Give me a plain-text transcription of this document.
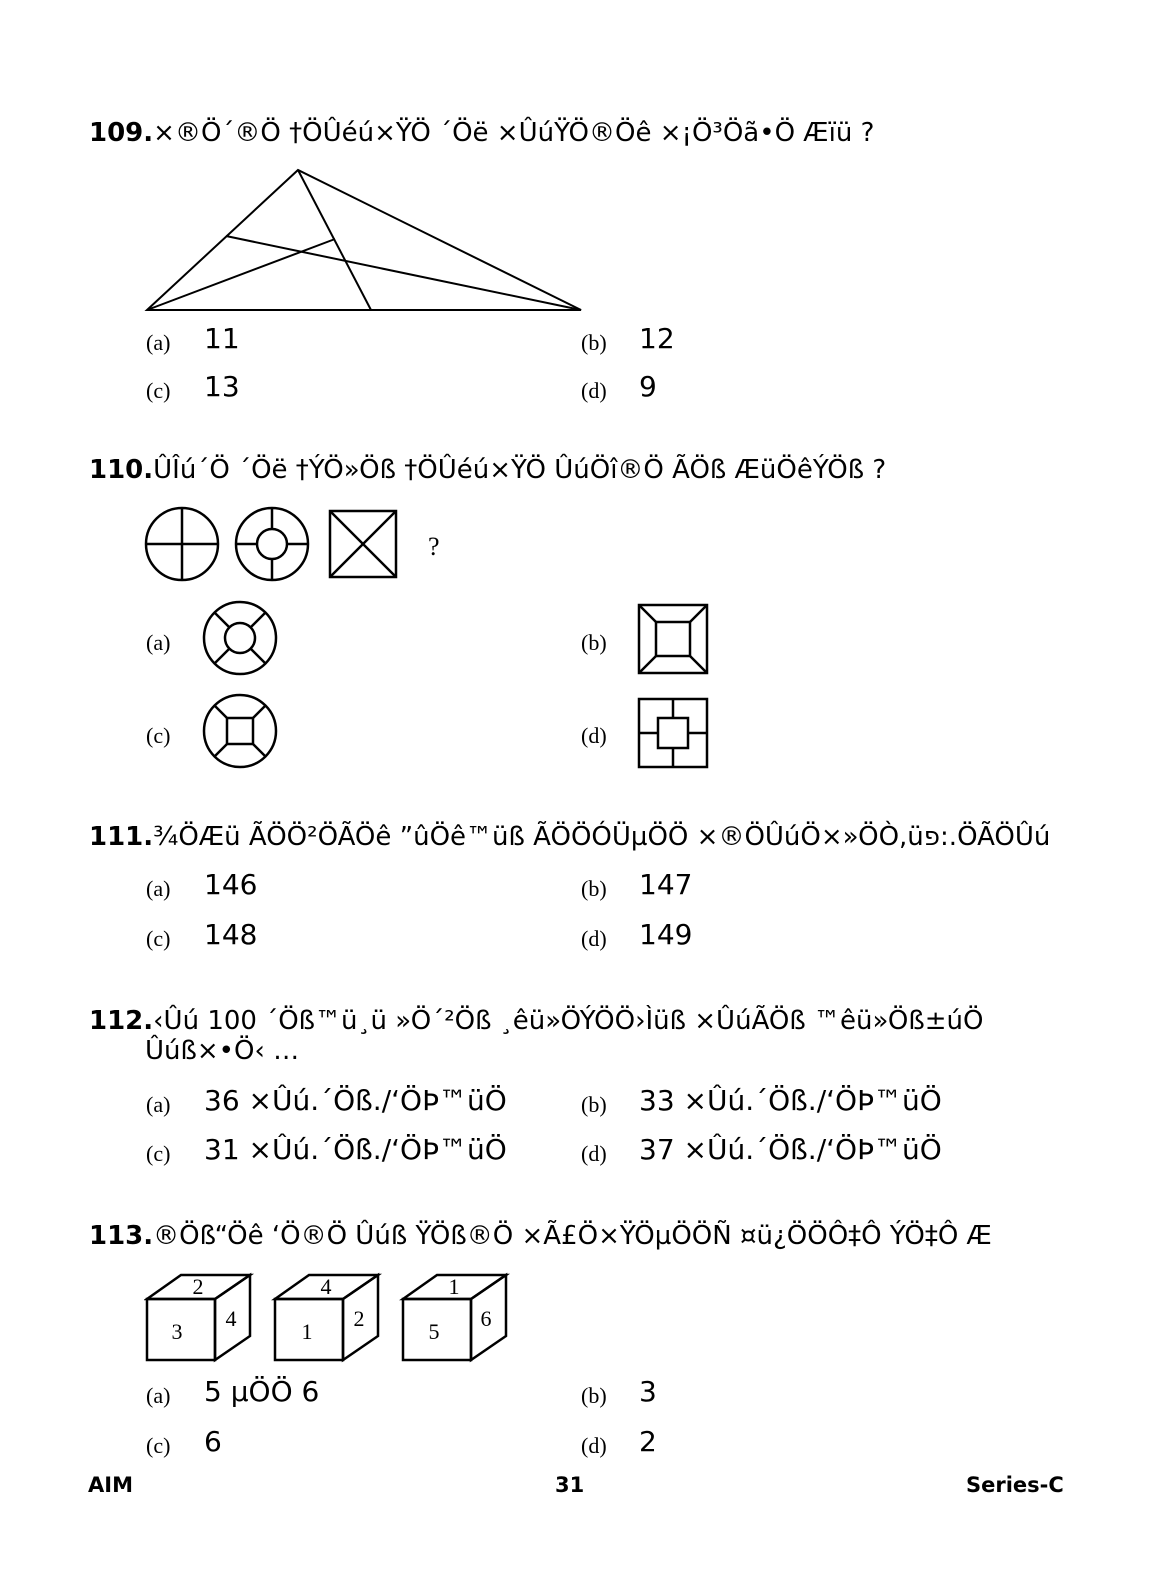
109.×®Ö´®Ö †ÖÛéú×ŸÖ ´Öë ×ÛúŸÖ®Öê ×¡Ö³Öã•Ö Æïü ?
(a) 11	(b) 12
(c) 13	(d) 9
110.ÛÎú´Ö ´Öë †ÝÖ»Öß †ÖÛéú×ŸÖ ÛúÖî®Ö ÃÖß ÆüÖêÝÖß ?
?
(a)	(b)
(c)	(d)
111.¾ÖÆü ÃÖÖ²ÖÃÖê ”ûÖê™üß ÃÖÖÓÜµÖÖ ×®ÖÛúÖ×»ÖÒ,üפ:.ÖÃÖÛú
(a) 146	(b) 147
(c) 148	(d) 149
112.‹Ûú 100 ´Öß™ü¸ü »Ö´²Öß ¸êü»ÖÝÖÖ›Ìüß ×ÛúÃÖß ™êü»Öß±úÖ
Ûúß×•Ö‹ …
(a) 36 ×Ûú.´Öß./‘ÖÞ™üÖ	(b) 33 ×Ûú.´Öß./‘ÖÞ™üÖ
(c) 31 ×Ûú.´Öß./‘ÖÞ™üÖ	(d) 37 ×Ûú.´Öß./‘ÖÞ™üÖ
113.®Öß“Öê ‘Ö®Ö Ûúß ŸÖß®Ö ×Ã£Ö×ŸÖµÖÖÑ ¤ü¿ÖÖÔ‡Ô ÝÖ‡Ô Æ
2
3
4
4
1
2
1
5
6
(a) 5 µÖÖ 6	(b) 3
(c) 6	(d) 2
AIM	31	Series-C
